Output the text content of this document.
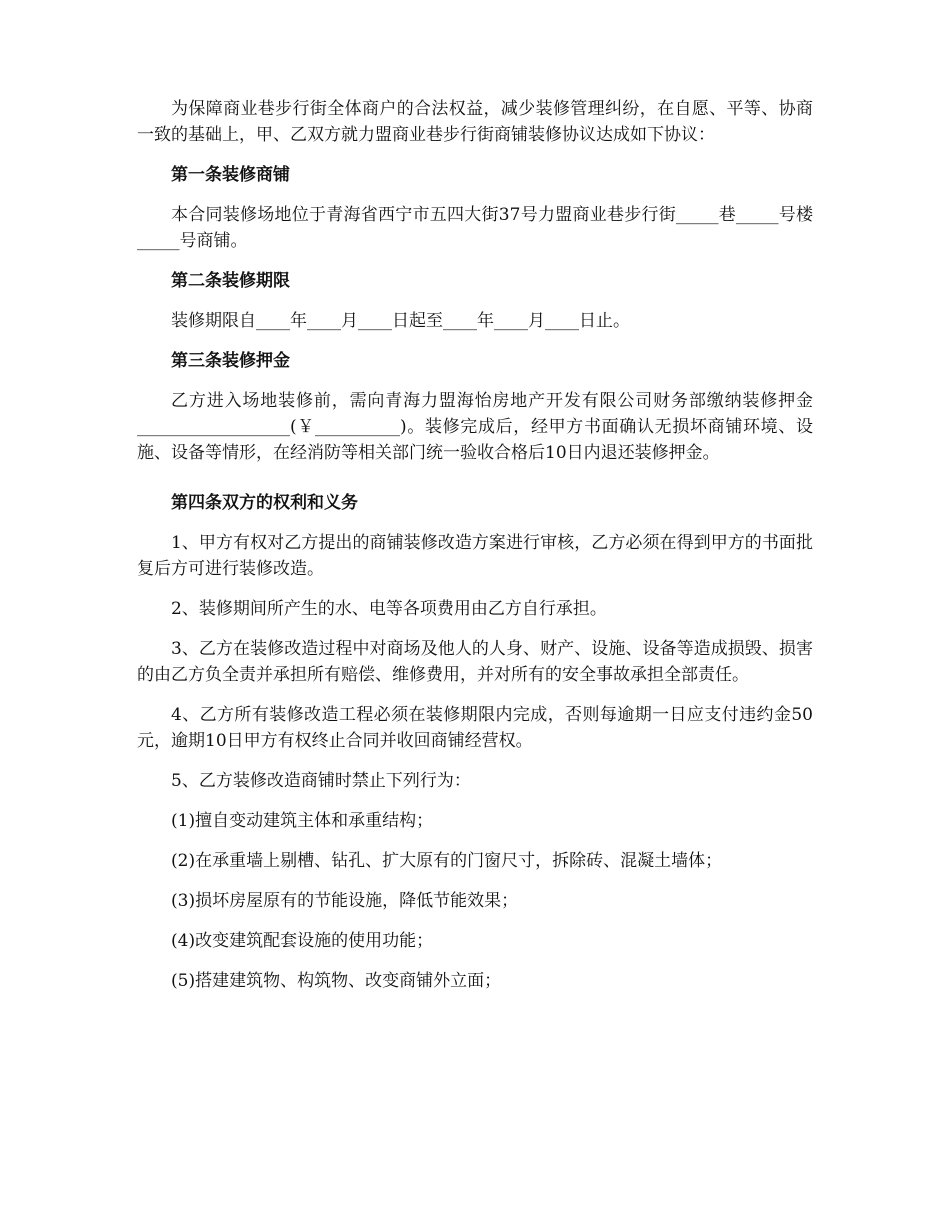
为保障商业巷步行街全体商户的合法权益，减少装修管理纠纷，在自愿、平等、协商一致的基础上，甲、乙双方就力盟商业巷步行街商铺装修协议达成如下协议：

第一条装修商铺

本合同装修场地位于青海省西宁市五四大街37号力盟商业巷步行街_____巷_____号楼_____号商铺。

第二条装修期限

装修期限自____年____月____日起至____年____月____日止。

第三条装修押金

乙方进入场地装修前，需向青海力盟海怡房地产开发有限公司财务部缴纳装修押金__________________(￥__________)。装修完成后，经甲方书面确认无损坏商铺环境、设施、设备等情形，在经消防等相关部门统一验收合格后10日内退还装修押金。

第四条双方的权利和义务

1、甲方有权对乙方提出的商铺装修改造方案进行审核，乙方必须在得到甲方的书面批复后方可进行装修改造。

2、装修期间所产生的水、电等各项费用由乙方自行承担。

3、乙方在装修改造过程中对商场及他人的人身、财产、设施、设备等造成损毁、损害的由乙方负全责并承担所有赔偿、维修费用，并对所有的安全事故承担全部责任。

4、乙方所有装修改造工程必须在装修期限内完成，否则每逾期一日应支付违约金50元，逾期10日甲方有权终止合同并收回商铺经营权。

5、乙方装修改造商铺时禁止下列行为：

(1)擅自变动建筑主体和承重结构；

(2)在承重墙上剔槽、钻孔、扩大原有的门窗尺寸，拆除砖、混凝土墙体；

(3)损坏房屋原有的节能设施，降低节能效果；

(4)改变建筑配套设施的使用功能；

(5)搭建建筑物、构筑物、改变商铺外立面；
